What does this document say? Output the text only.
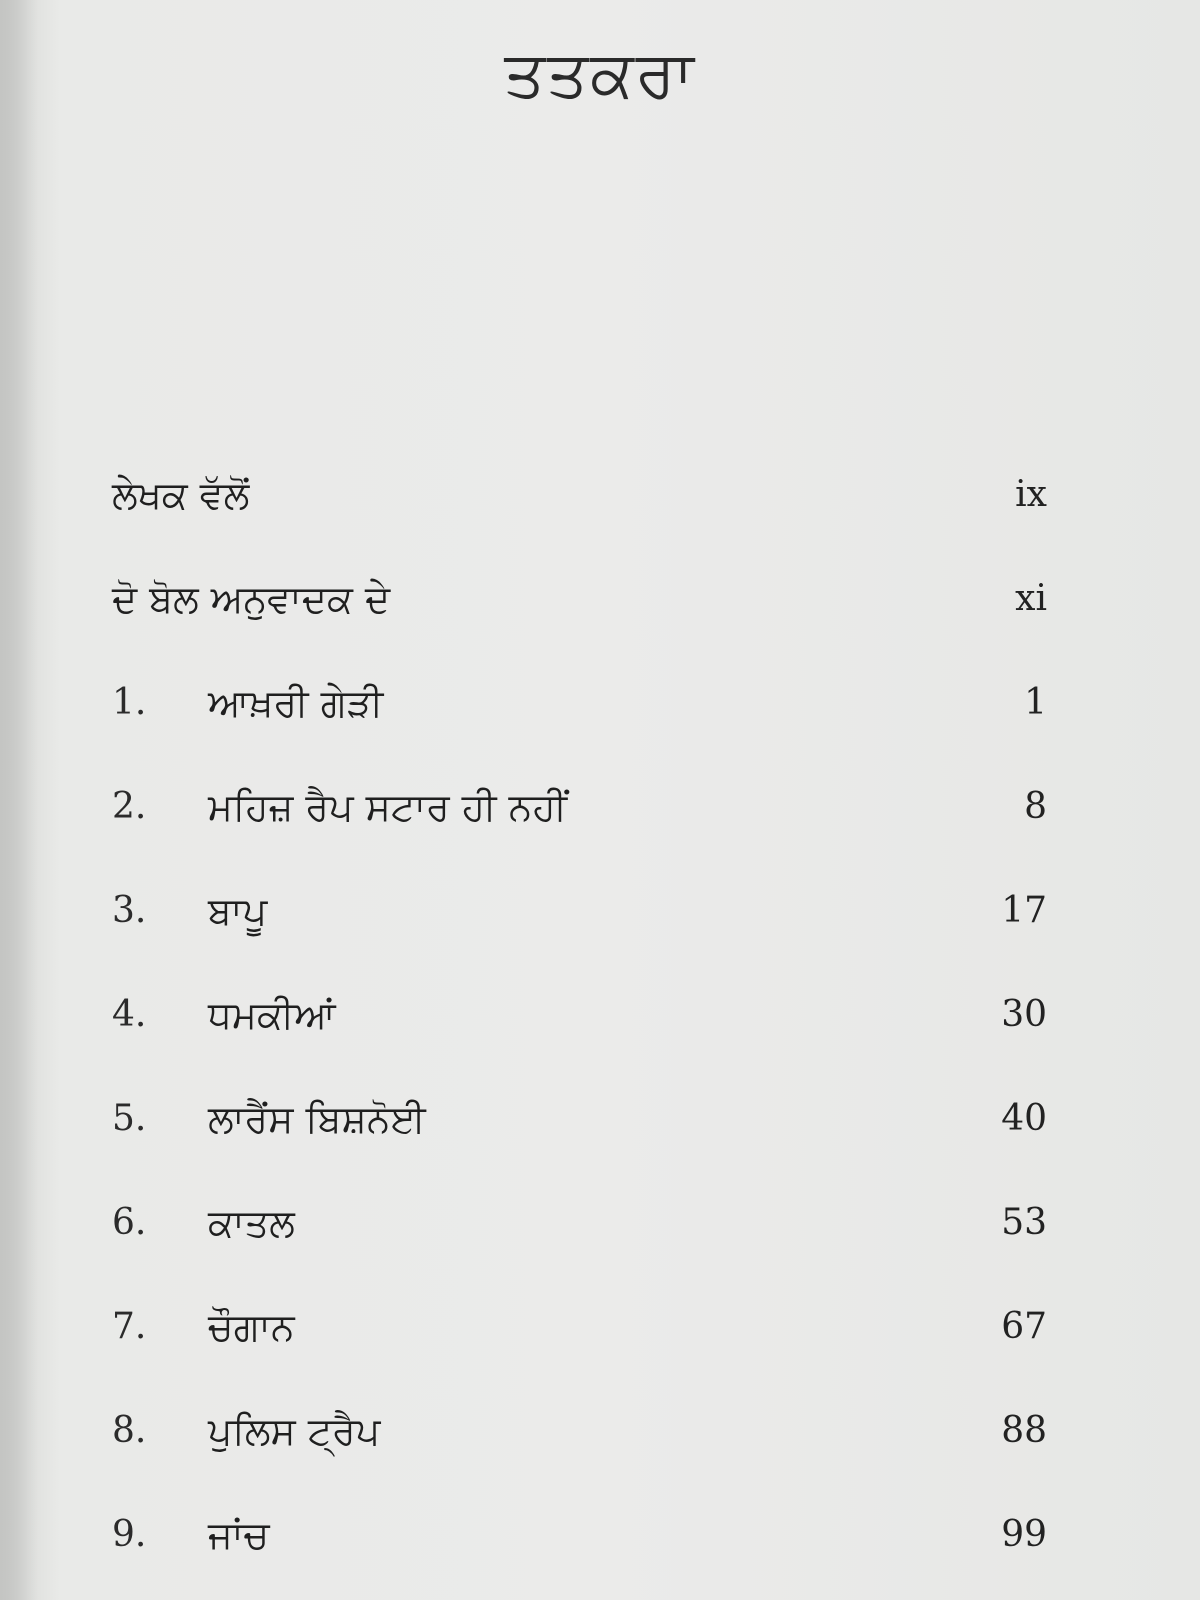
ਤਤਕਰਾ
ਲੇਖਕ ਵੱਲੋਂ	ix
ਦੋ ਬੋਲ ਅਨੁਵਾਦਕ ਦੇ	xi
1. ਆਖ਼ਰੀ ਗੇੜੀ	1
2. ਮਹਿਜ਼ ਰੈਪ ਸਟਾਰ ਹੀ ਨਹੀਂ	8
3. ਬਾਪੂ	17
4. ਧਮਕੀਆਂ	30
5. ਲਾਰੈਂਸ ਬਿਸ਼ਨੋਈ	40
6. ਕਾਤਲ	53
7. ਚੌਗਾਨ	67
8. ਪੁਲਿਸ ਟ੍ਰੈਪ	88
9. ਜਾਂਚ	99
